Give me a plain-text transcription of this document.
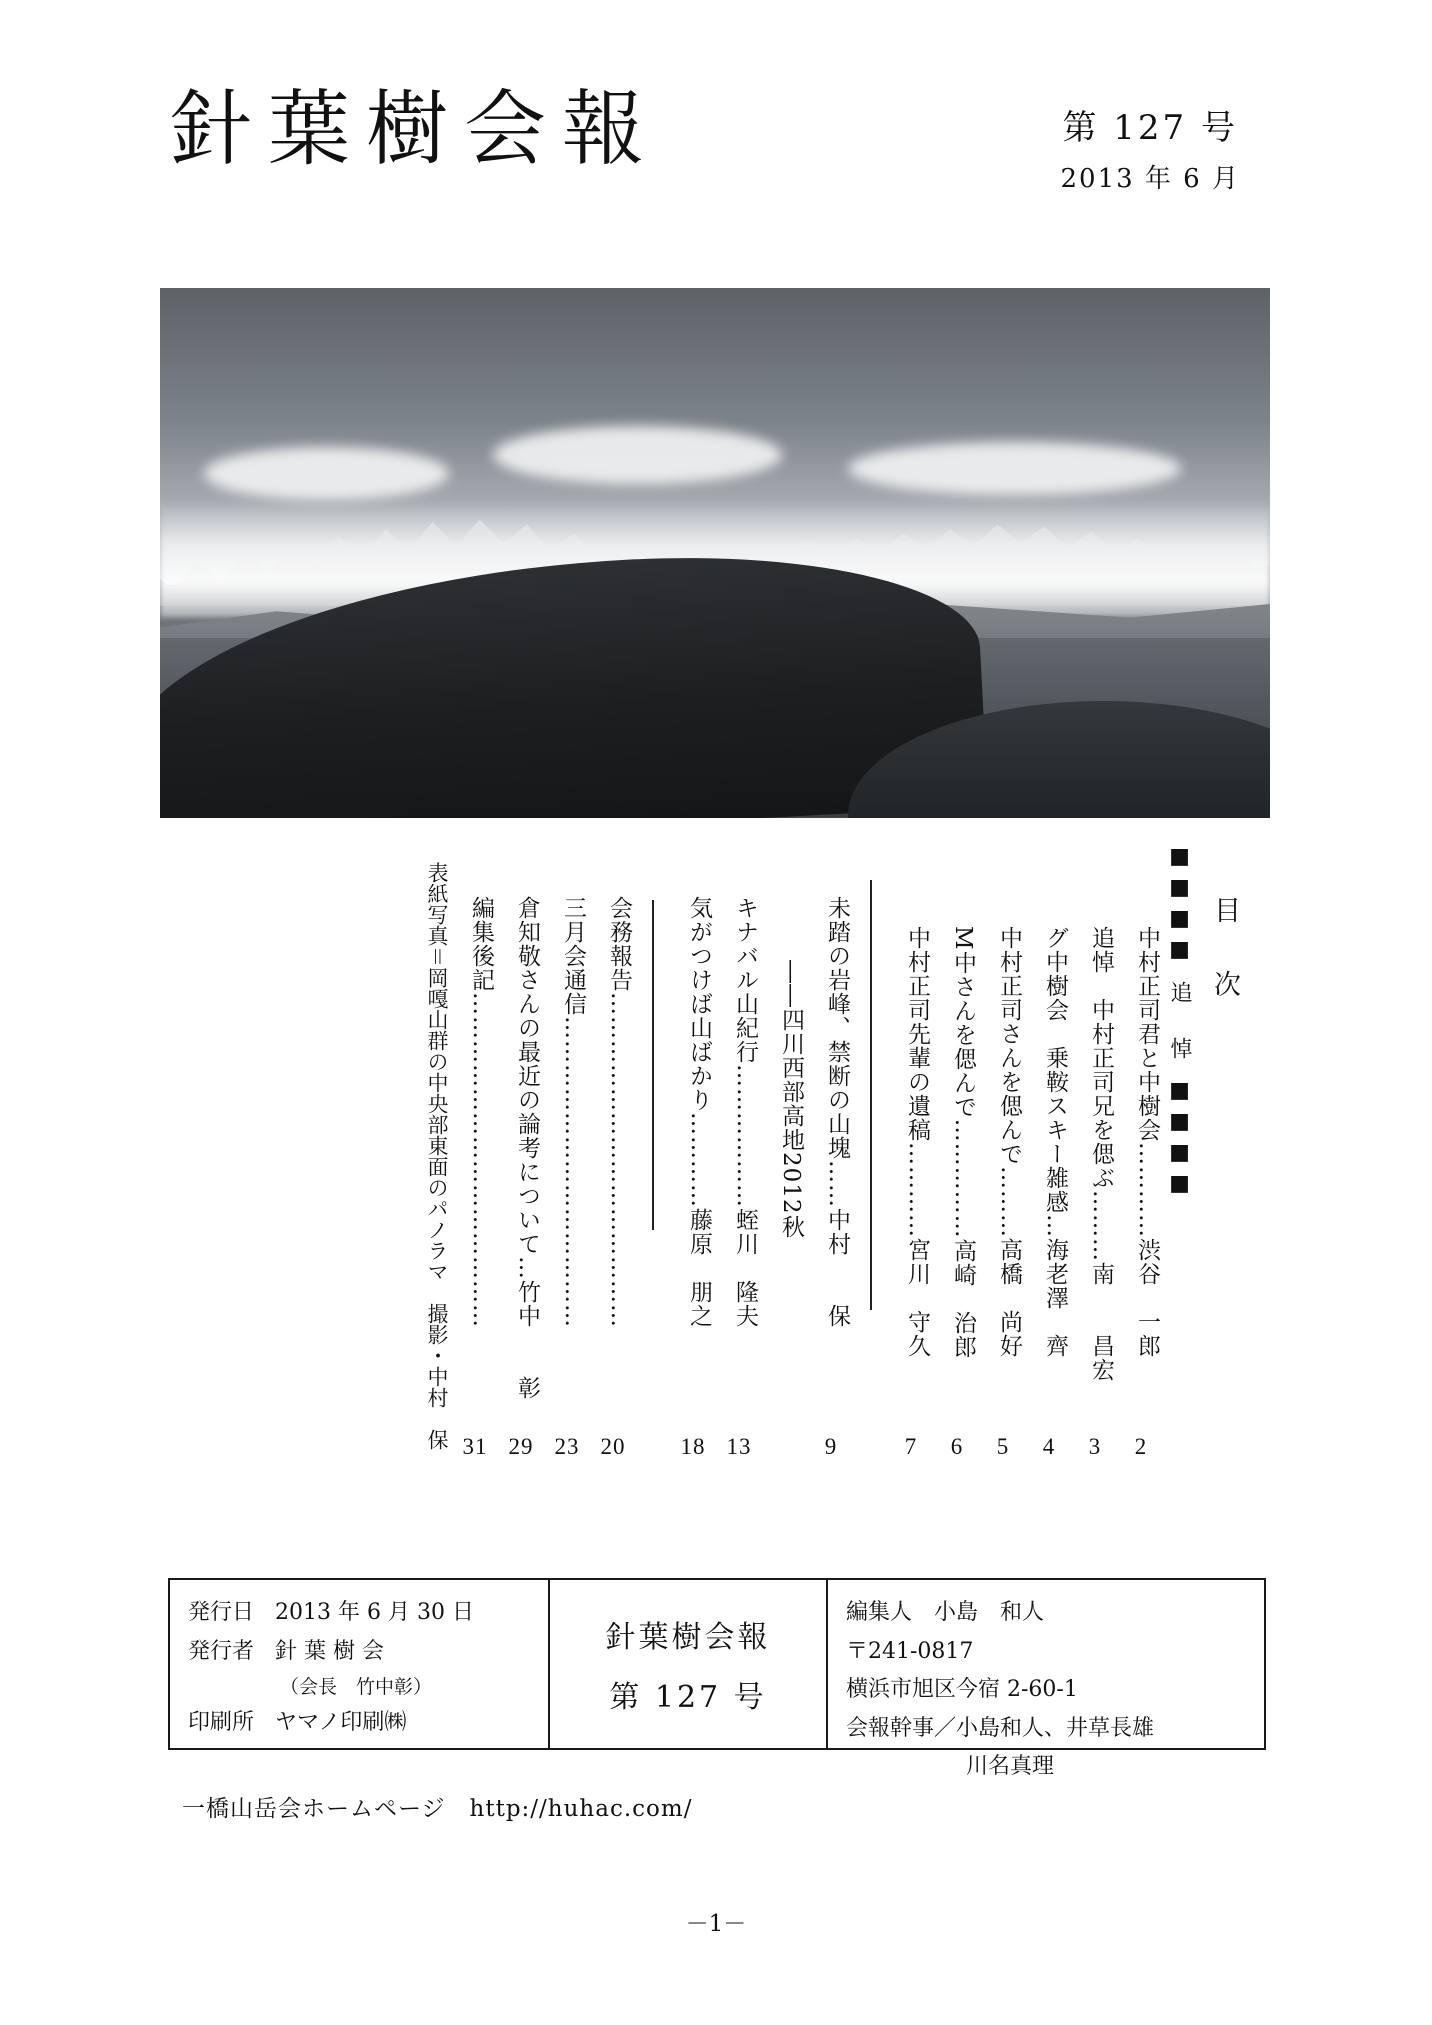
針葉樹会報	第 127 号
2013 年 6 月
表紙写真＝岡嘎山群の中央部東面のパノラマ　撮影・中村　保 編集後記……………………………………
31
倉知敬さんの最近の論考について…竹中　　彰
29
三月会通信…………………………………
23
会務報告……………………………………
20
気がつけば山ばかり…………藤原　朋之
18
キナバル山紀行………………蛭川　隆夫
13
――四川西部高地2012秋 未踏の岩峰、禁断の山塊……中村　　保
9
中村正司先輩の遺稿…………宮川　守久
7
M中さんを偲んで……………高崎　治郎
6
中村正司さんを偲んで………高橋　尚好
5
グ中樹会　乗鞍スキー雑感…海老澤　齊
4
追悼　中村正司兄を偲ぶ………南　　昌宏
3
中村正司君と中樹会…………渋谷　一郎
2
■■■■ 追　悼 ■■■■ 目　次
発行日 2013 年 6 月 30 日
発行者 針 葉 樹 会
（会長　竹中彰）
印刷所 ヤマノ印刷㈱
針葉樹会報
第 127 号
編集人　小島　和人
〒241-0817
横浜市旭区今宿 2-60-1
会報幹事／小島和人、井草長雄
川名真理
一橋山岳会ホームページ　http://huhac.com/
－1－
